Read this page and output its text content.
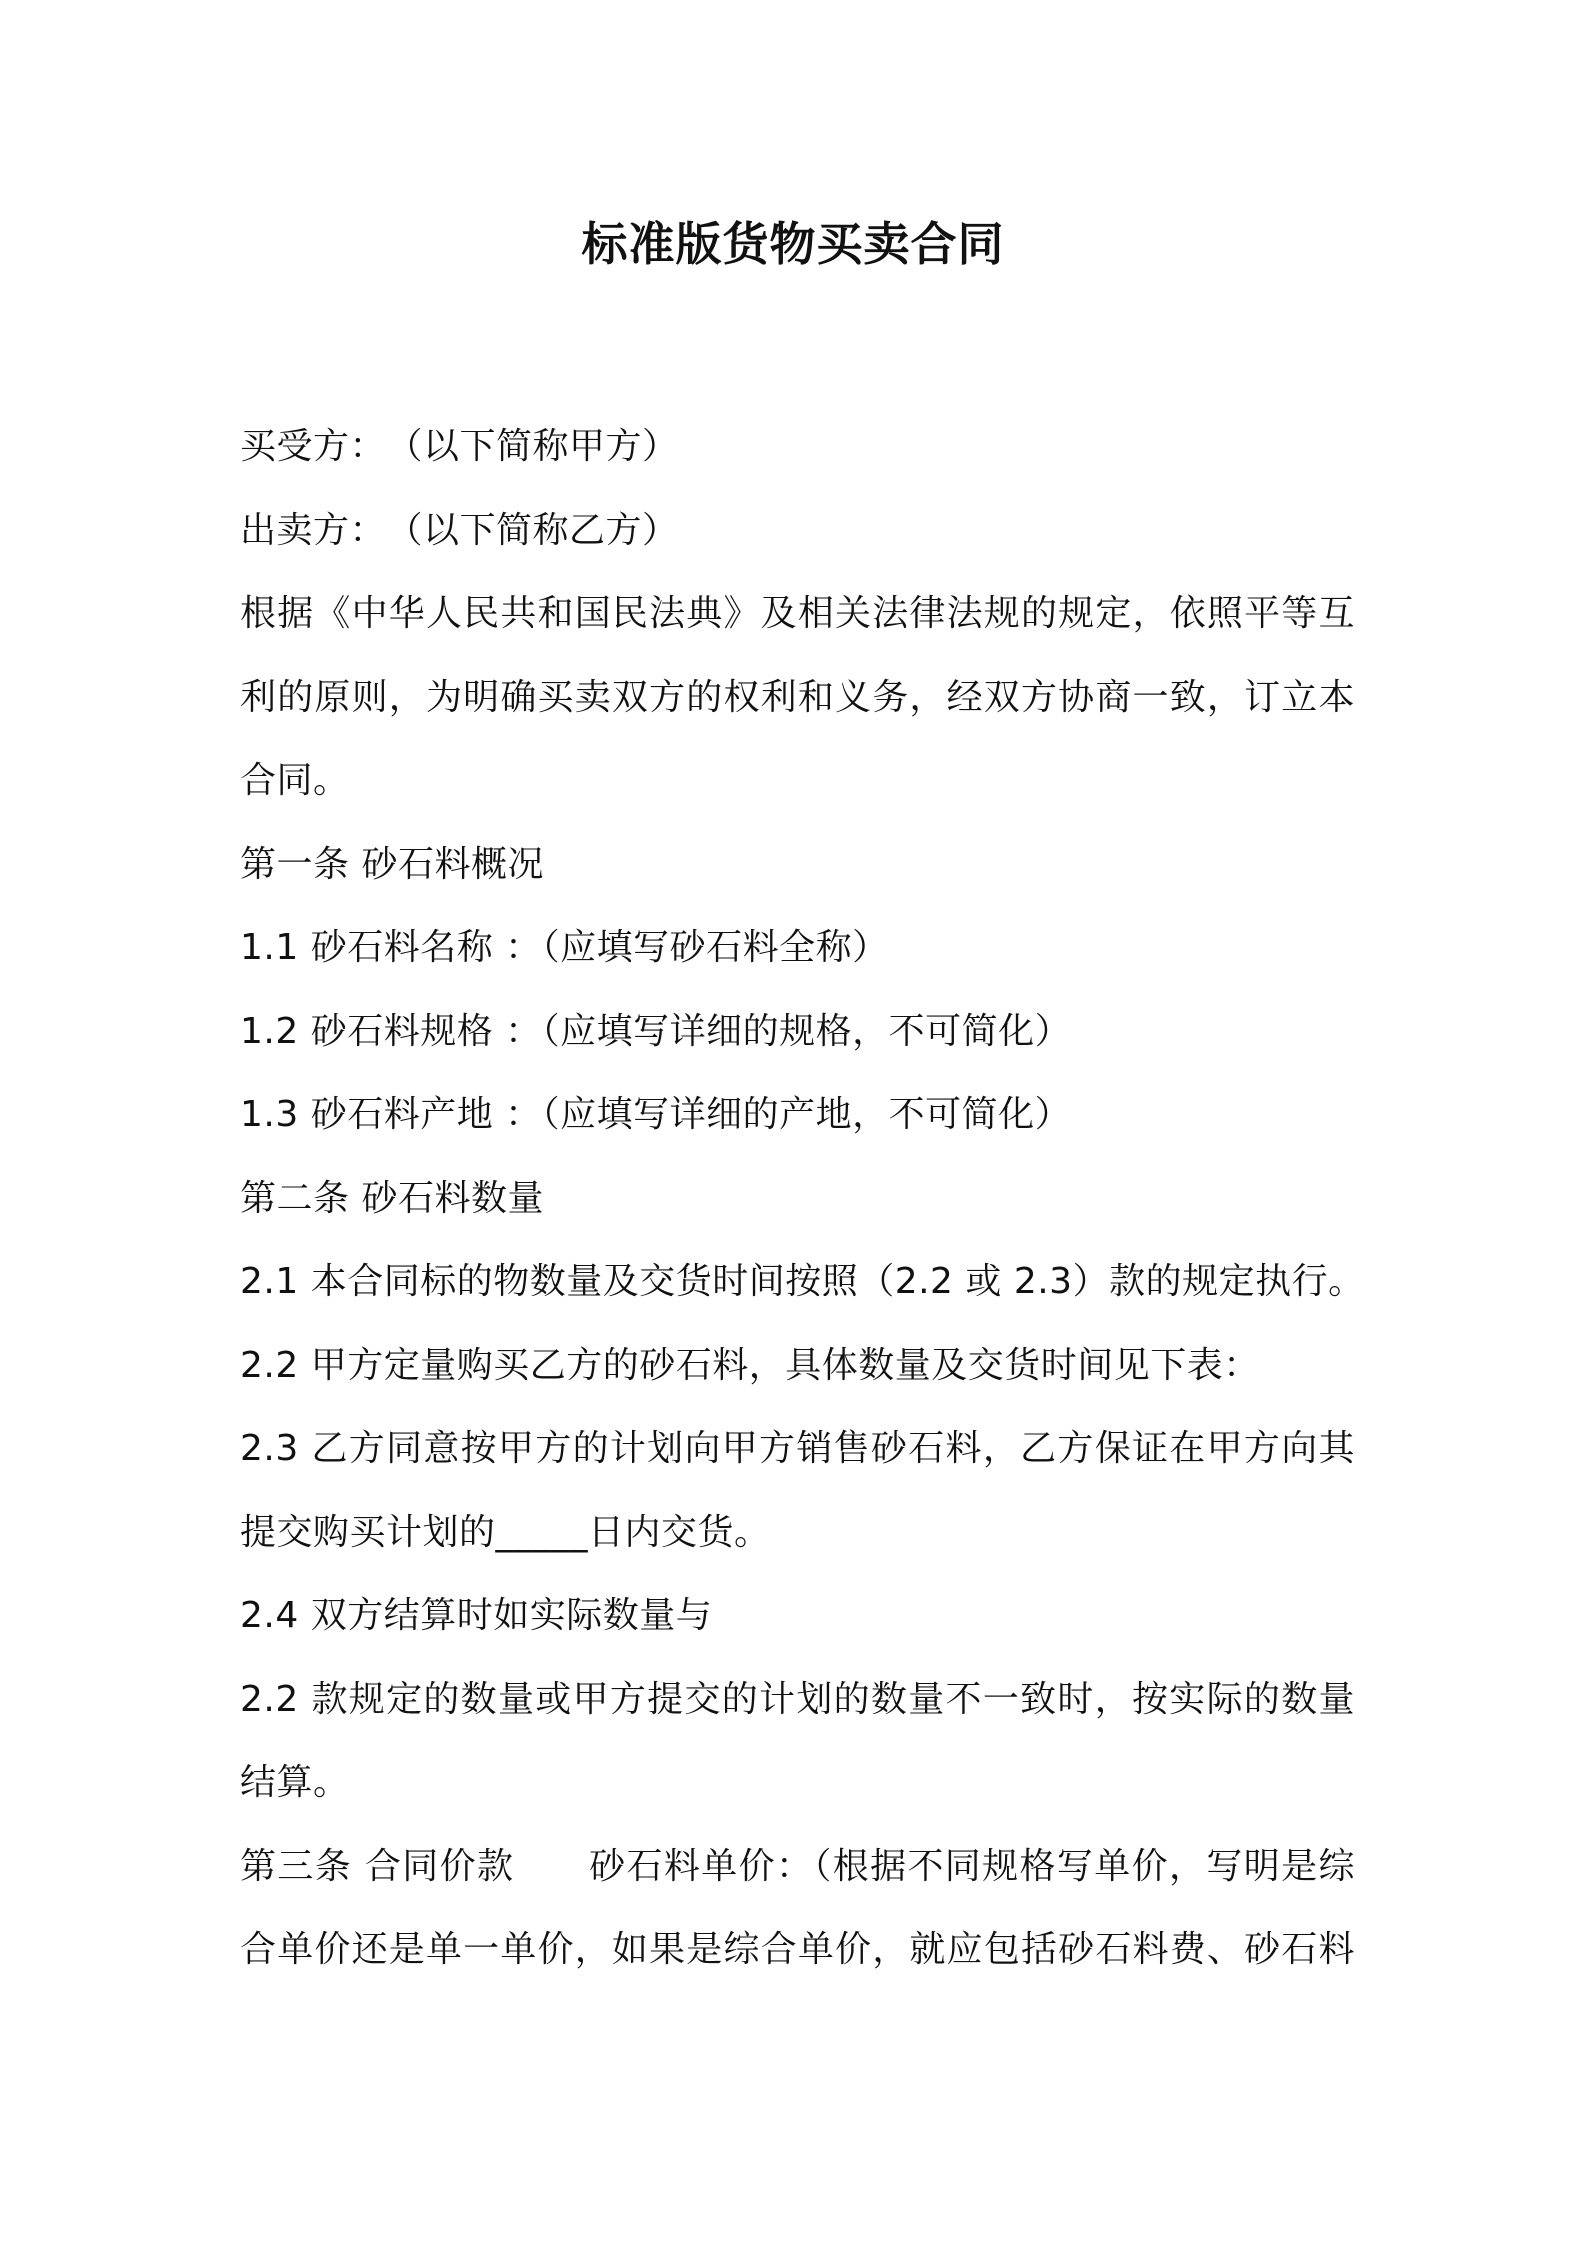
标准版货物买卖合同
买受方：　（以下简称甲方）
出卖方：　（以下简称乙方）
根据《中华人民共和国民法典》及相关法律法规的规定，依照平等互
利的原则，为明确买卖双方的权利和义务，经双方协商一致，订立本
合同。
第一条 砂石料概况
1.1 砂石料名称 ：（应填写砂石料全称）
1.2 砂石料规格 ：（应填写详细的规格，不可简化）
1.3 砂石料产地 ：（应填写详细的产地，不可简化）
第二条 砂石料数量
2.1 本合同标的物数量及交货时间按照（2.2 或 2.3）款的规定执行。
2.2 甲方定量购买乙方的砂石料，具体数量及交货时间见下表：
2.3 乙方同意按甲方的计划向甲方销售砂石料，乙方保证在甲方向其
提交购买计划的_____日内交货。
2.4 双方结算时如实际数量与
2.2 款规定的数量或甲方提交的计划的数量不一致时，按实际的数量
结算。
第三条 合同价款　　砂石料单价：（根据不同规格写单价，写明是综
合单价还是单一单价，如果是综合单价，就应包括砂石料费、砂石料
